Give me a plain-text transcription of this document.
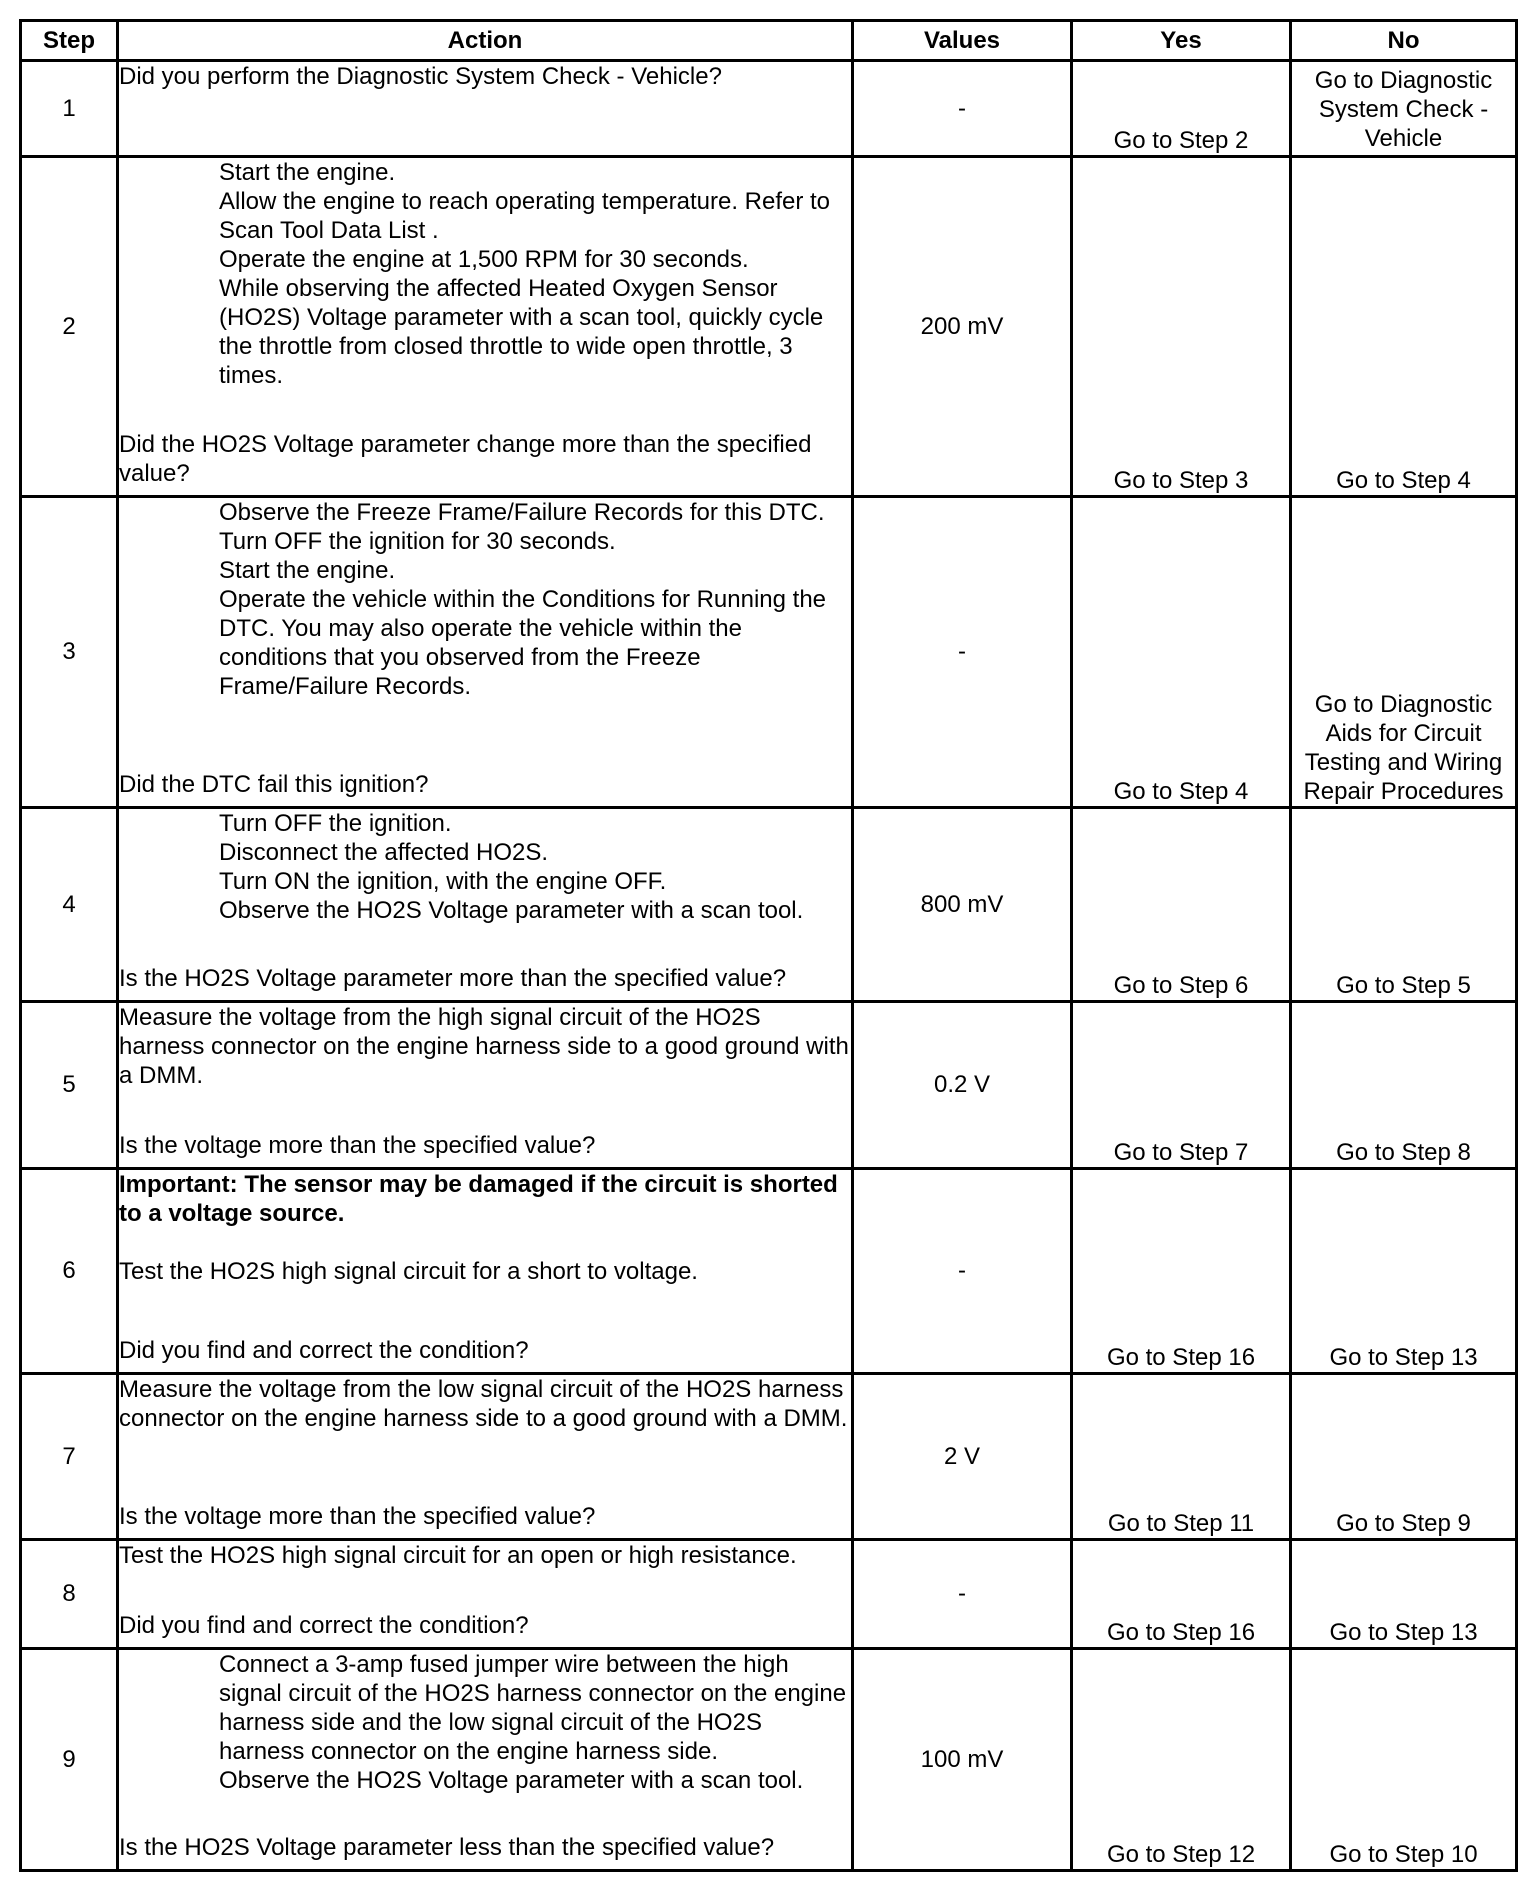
Step	Action	Values	Yes	No
1	Did you perform the Diagnostic System Check - Vehicle?	-	Go to Step 2	Go to Diagnostic System Check - Vehicle
2	Start the engine.
Allow the engine to reach operating temperature. Refer to Scan Tool Data List .
Operate the engine at 1,500 RPM for 30 seconds.
While observing the affected Heated Oxygen Sensor (HO2S) Voltage parameter with a scan tool, quickly cycle the throttle from closed throttle to wide open throttle, 3 times.
Did the HO2S Voltage parameter change more than the specified value?	200 mV	Go to Step 3	Go to Step 4
3	Observe the Freeze Frame/Failure Records for this DTC.
Turn OFF the ignition for 30 seconds.
Start the engine.
Operate the vehicle within the Conditions for Running the DTC. You may also operate the vehicle within the conditions that you observed from the Freeze Frame/Failure Records.
Did the DTC fail this ignition?	-	Go to Step 4	Go to Diagnostic Aids for Circuit Testing and Wiring Repair Procedures
4	Turn OFF the ignition.
Disconnect the affected HO2S.
Turn ON the ignition, with the engine OFF.
Observe the HO2S Voltage parameter with a scan tool.
Is the HO2S Voltage parameter more than the specified value?	800 mV	Go to Step 6	Go to Step 5
5	Measure the voltage from the high signal circuit of the HO2S harness connector on the engine harness side to a good ground with a DMM.
Is the voltage more than the specified value?	0.2 V	Go to Step 7	Go to Step 8
6	Important: The sensor may be damaged if the circuit is shorted to a voltage source.
Test the HO2S high signal circuit for a short to voltage.
Did you find and correct the condition?	-	Go to Step 16	Go to Step 13
7	Measure the voltage from the low signal circuit of the HO2S harness connector on the engine harness side to a good ground with a DMM.
Is the voltage more than the specified value?	2 V	Go to Step 11	Go to Step 9
8	Test the HO2S high signal circuit for an open or high resistance.
Did you find and correct the condition?	-	Go to Step 16	Go to Step 13
9	Connect a 3-amp fused jumper wire between the high signal circuit of the HO2S harness connector on the engine harness side and the low signal circuit of the HO2S harness connector on the engine harness side.
Observe the HO2S Voltage parameter with a scan tool.
Is the HO2S Voltage parameter less than the specified value?	100 mV	Go to Step 12	Go to Step 10
